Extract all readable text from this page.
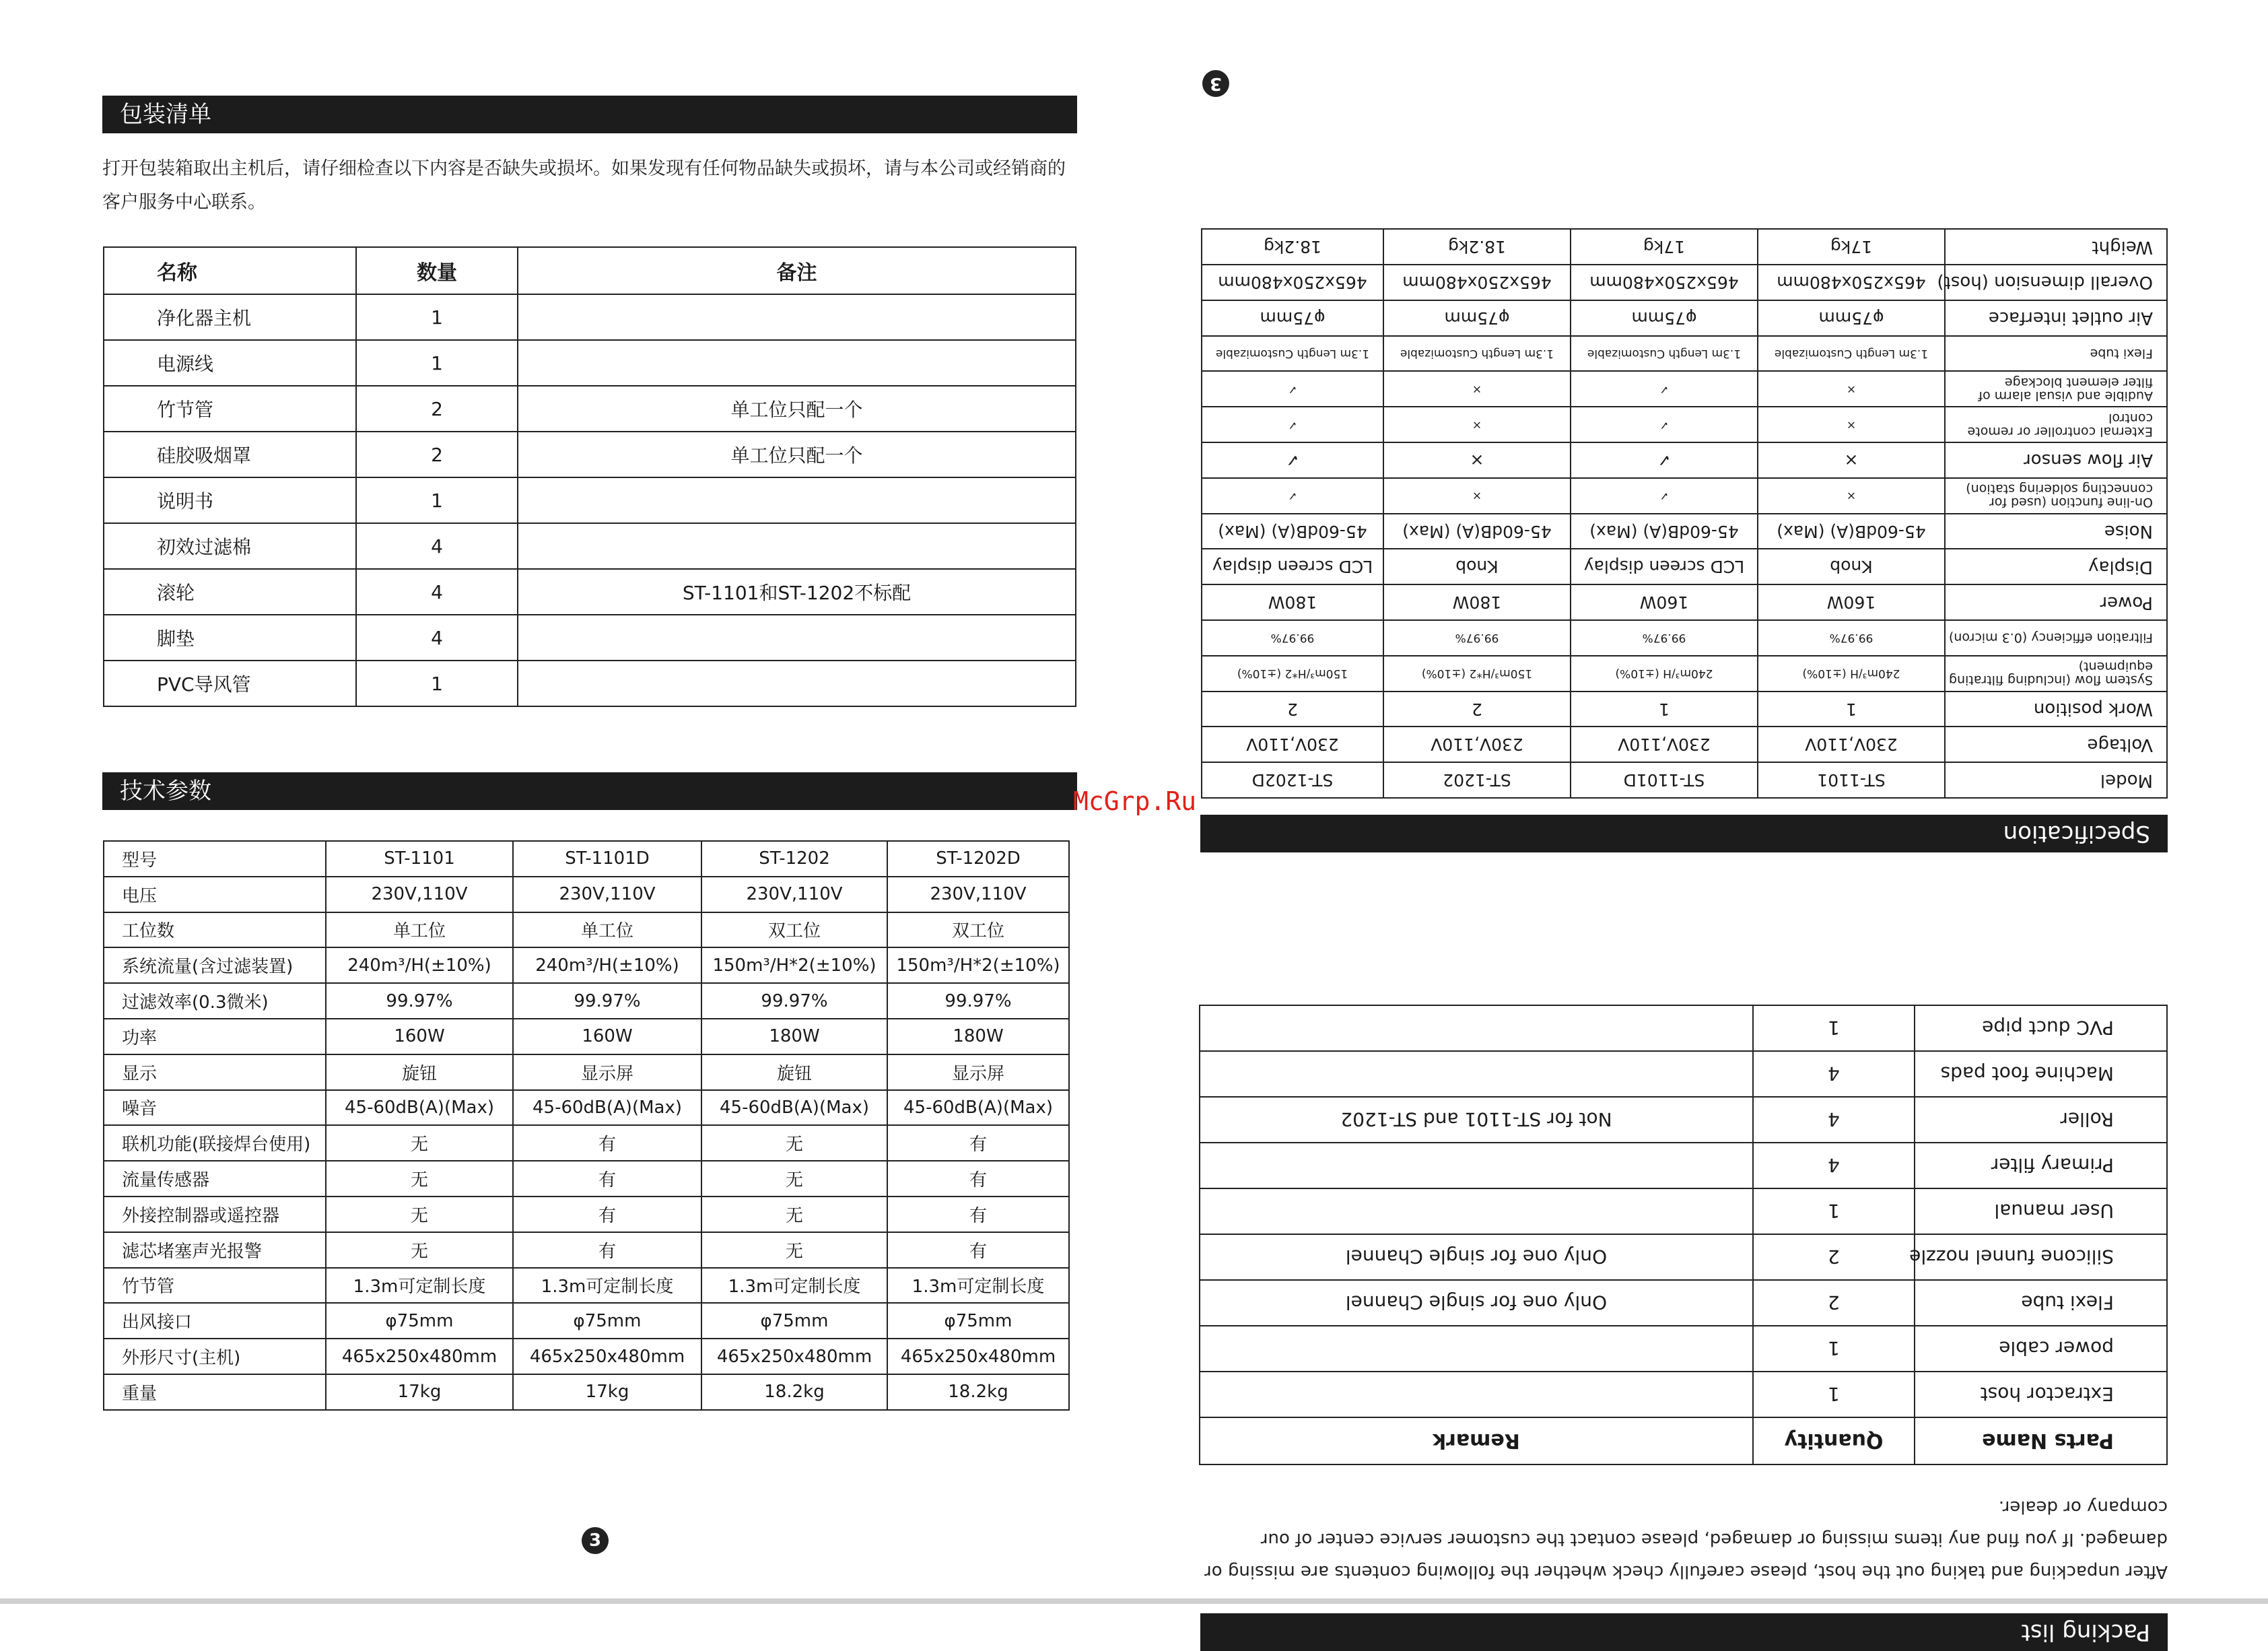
包装清单
打开包装箱取出主机后，请仔细检查以下内容是否缺失或损坏。如果发现有任何物品缺失或损坏，请与本公司或经销商的
客户服务中心联系。
名称	数量	备注
净化器主机	1	
电源线	1	
竹节管	2	单工位只配一个
硅胶吸烟罩	2	单工位只配一个
说明书	1	
初效过滤棉	4	
滚轮	4	ST-1101和ST-1202不标配
脚垫	4	
PVC导风管	1	
技术参数
型号	ST-1101	ST-1101D	ST-1202	ST-1202D
电压	230V,110V	230V,110V	230V,110V	230V,110V
工位数	单工位	单工位	双工位	双工位
系统流量(含过滤装置)	240m³/H(±10%)	240m³/H(±10%)	150m³/H*2(±10%)	150m³/H*2(±10%)
过滤效率(0.3微米)	99.97%	99.97%	99.97%	99.97%
功率	160W	160W	180W	180W
显示	旋钮	显示屏	旋钮	显示屏
噪音	45-60dB(A)(Max)	45-60dB(A)(Max)	45-60dB(A)(Max)	45-60dB(A)(Max)
联机功能(联接焊台使用)	无	有	无	有
流量传感器	无	有	无	有
外接控制器或遥控器	无	有	无	有
滤芯堵塞声光报警	无	有	无	有
竹节管	1.3m可定制长度	1.3m可定制长度	1.3m可定制长度	1.3m可定制长度
出风接口	φ75mm	φ75mm	φ75mm	φ75mm
外形尺寸(主机)	465x250x480mm	465x250x480mm	465x250x480mm	465x250x480mm
重量	17kg	17kg	18.2kg	18.2kg
3
3
Model	ST-1101	ST-1101D	ST-1202	ST-1202D
Voltage	230V,110V	230V,110V	230V,110V	230V,110V
Work position	1	1	2	2
System flow (including filtrating equipment)	240m³/H (±10%)	240m³/H (±10%)	150m³/H*2 (±10%)	150m³/H*2 (±10%)
Filtration efficiency (0.3 micron)	99.97%	99.97%	99.97%	99.97%
Power	160W	160W	180W	180W
Display	Knob	LCD screen display	Knob	LCD screen display
Noise	45-60dB(A) (Max)	45-60dB(A) (Max)	45-60dB(A) (Max)	45-60dB(A) (Max)
On-line function (used for connecting soldering station)	×	✓	×	✓
Air flow sensor	×	✓	×	✓
External controller or remote control	×	✓	×	✓
Audible and visual alarm of filter element blockage	×	✓	×	✓
Flexi tube	1.3m Length Customizable	1.3m Length Customizable	1.3m Length Customizable	1.3m Length Customizable
Air outlet interface	φ75mm	φ75mm	φ75mm	φ75mm
Overall dimension (host)	465x250x480mm	465x250x480mm	465x250x480mm	465x250x480mm
Weight	17kg	17kg	18.2kg	18.2kg
Specification
Parts Name	Quantity	Remark
Extractor host	1	
power cable	1	
Flexi tube	2	Only one for single Channel
Silicone funnel nozzle	2	Only one for single Channel
User manual	1	
Primary filter	4	
Roller	4	Not for ST-1101 and ST-1202
Machine foot pads	4	
PVC duct pipe	1	
After unpacking and taking out the host, please carefully check whether the following contents are missing or
damaged. If you find any items missing or damaged, please contact the customer service center of our
company or dealer.
Packing list
McGrp.Ru
